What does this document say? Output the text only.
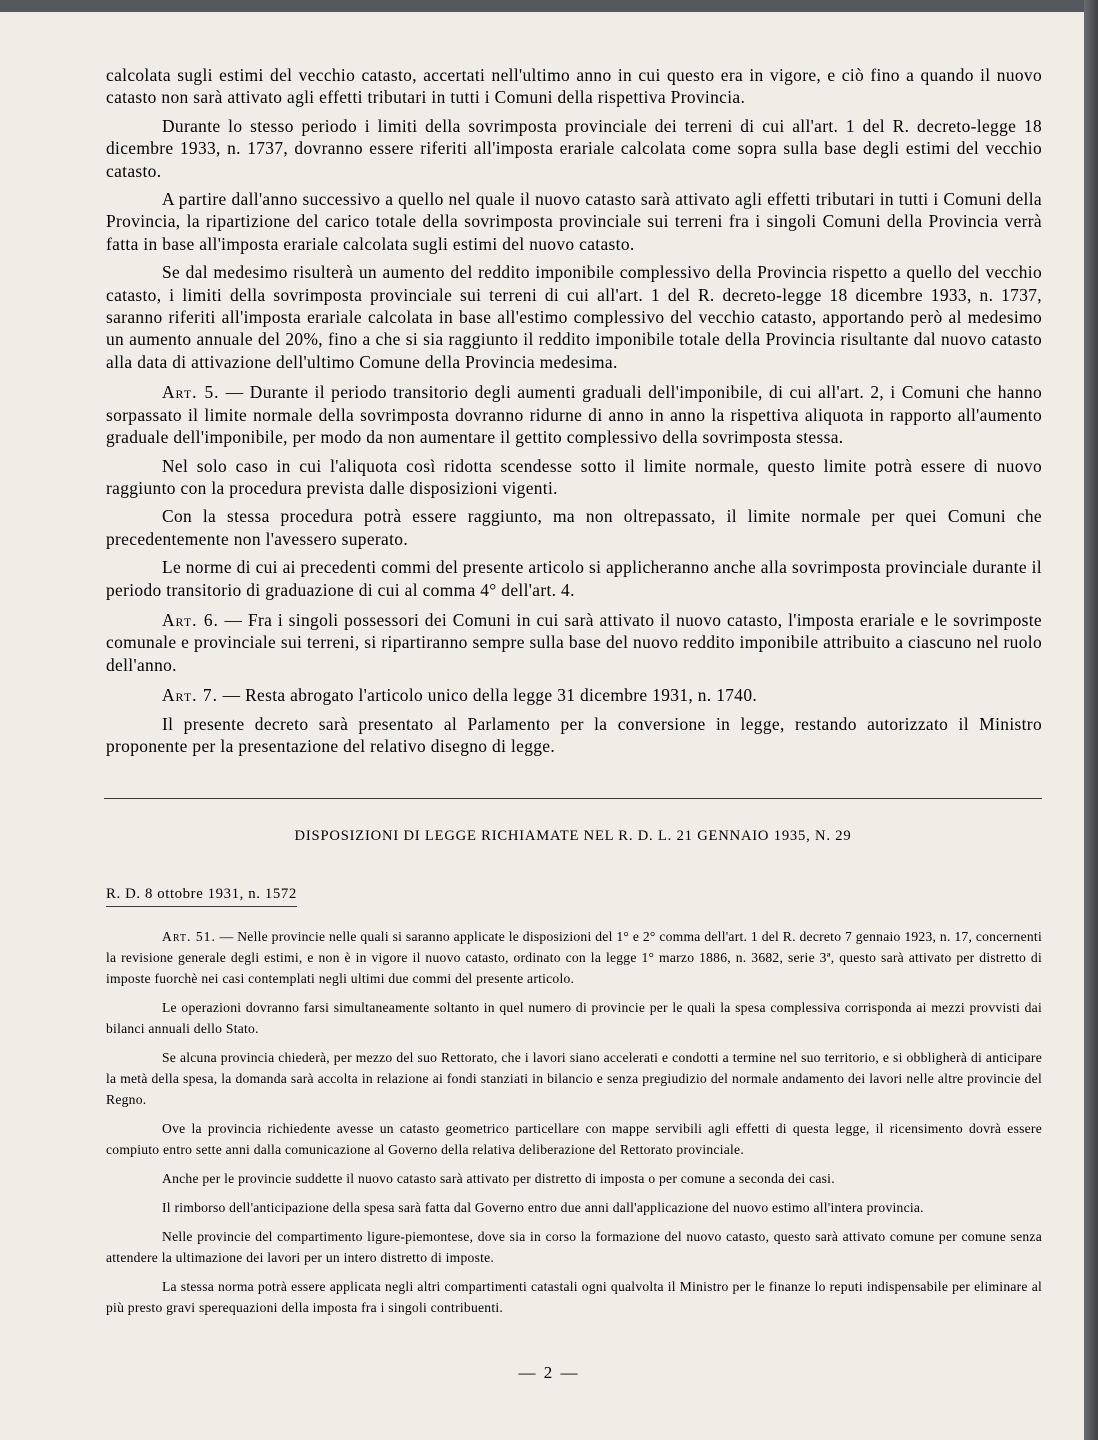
calcolata sugli estimi del vecchio catasto, accertati nell'ultimo anno in cui questo era in vigore, e ciò fino a quando il nuovo catasto non sarà attivato agli effetti tributari in tutti i Comuni della rispettiva Provincia.

Durante lo stesso periodo i limiti della sovrimposta provinciale dei terreni di cui all'art. 1 del R. decreto-legge 18 dicembre 1933, n. 1737, dovranno essere riferiti all'imposta erariale calcolata come sopra sulla base degli estimi del vecchio catasto.

A partire dall'anno successivo a quello nel quale il nuovo catasto sarà attivato agli effetti tributari in tutti i Comuni della Provincia, la ripartizione del carico totale della sovrimposta provinciale sui terreni fra i singoli Comuni della Provincia verrà fatta in base all'imposta erariale calcolata sugli estimi del nuovo catasto.

Se dal medesimo risulterà un aumento del reddito imponibile complessivo della Provincia rispetto a quello del vecchio catasto, i limiti della sovrimposta provinciale sui terreni di cui all'art. 1 del R. decreto-legge 18 dicembre 1933, n. 1737, saranno riferiti all'imposta erariale calcolata in base all'estimo complessivo del vecchio catasto, apportando però al medesimo un aumento annuale del 20%, fino a che si sia raggiunto il reddito imponibile totale della Provincia risultante dal nuovo catasto alla data di attivazione dell'ultimo Comune della Provincia medesima.

Art. 5. — Durante il periodo transitorio degli aumenti graduali dell'imponibile, di cui all'art. 2, i Comuni che hanno sorpassato il limite normale della sovrimposta dovranno ridurne di anno in anno la rispettiva aliquota in rapporto all'aumento graduale dell'imponibile, per modo da non aumentare il gettito complessivo della sovrimposta stessa.

Nel solo caso in cui l'aliquota così ridotta scendesse sotto il limite normale, questo limite potrà essere di nuovo raggiunto con la procedura prevista dalle disposizioni vigenti.

Con la stessa procedura potrà essere raggiunto, ma non oltrepassato, il limite normale per quei Comuni che precedentemente non l'avessero superato.

Le norme di cui ai precedenti commi del presente articolo si applicheranno anche alla sovrimposta provinciale durante il periodo transitorio di graduazione di cui al comma 4° dell'art. 4.

Art. 6. — Fra i singoli possessori dei Comuni in cui sarà attivato il nuovo catasto, l'imposta erariale e le sovrimposte comunale e provinciale sui terreni, si ripartiranno sempre sulla base del nuovo reddito imponibile attribuito a ciascuno nel ruolo dell'anno.

Art. 7. — Resta abrogato l'articolo unico della legge 31 dicembre 1931, n. 1740.

Il presente decreto sarà presentato al Parlamento per la conversione in legge, restando autorizzato il Ministro proponente per la presentazione del relativo disegno di legge.

DISPOSIZIONI DI LEGGE RICHIAMATE NEL R. D. L. 21 GENNAIO 1935, N. 29
R. D. 8 ottobre 1931, n. 1572

Art. 51. — Nelle provincie nelle quali si saranno applicate le disposizioni del 1° e 2° comma dell'art. 1 del R. decreto 7 gennaio 1923, n. 17, concernenti la revisione generale degli estimi, e non è in vigore il nuovo catasto, ordinato con la legge 1° marzo 1886, n. 3682, serie 3ª, questo sarà attivato per distretto di imposte fuorchè nei casi contemplati negli ultimi due commi del presente articolo.

Le operazioni dovranno farsi simultaneamente soltanto in quel numero di provincie per le quali la spesa complessiva corrisponda ai mezzi provvisti dai bilanci annuali dello Stato.

Se alcuna provincia chiederà, per mezzo del suo Rettorato, che i lavori siano accelerati e condotti a termine nel suo territorio, e si obbligherà di anticipare la metà della spesa, la domanda sarà accolta in relazione ai fondi stanziati in bilancio e senza pregiudizio del normale andamento dei lavori nelle altre provincie del Regno.

Ove la provincia richiedente avesse un catasto geometrico particellare con mappe servibili agli effetti di questa legge, il ricensimento dovrà essere compiuto entro sette anni dalla comunicazione al Governo della relativa deliberazione del Rettorato provinciale.

Anche per le provincie suddette il nuovo catasto sarà attivato per distretto di imposta o per comune a seconda dei casi.

Il rimborso dell'anticipazione della spesa sarà fatta dal Governo entro due anni dall'applicazione del nuovo estimo all'intera provincia.

Nelle provincie del compartimento ligure-piemontese, dove sia in corso la formazione del nuovo catasto, questo sarà attivato comune per comune senza attendere la ultimazione dei lavori per un intero distretto di imposte.

La stessa norma potrà essere applicata negli altri compartimenti catastali ogni qualvolta il Ministro per le finanze lo reputi indispensabile per eliminare al più presto gravi sperequazioni della imposta fra i singoli contribuenti.

— 2 —
